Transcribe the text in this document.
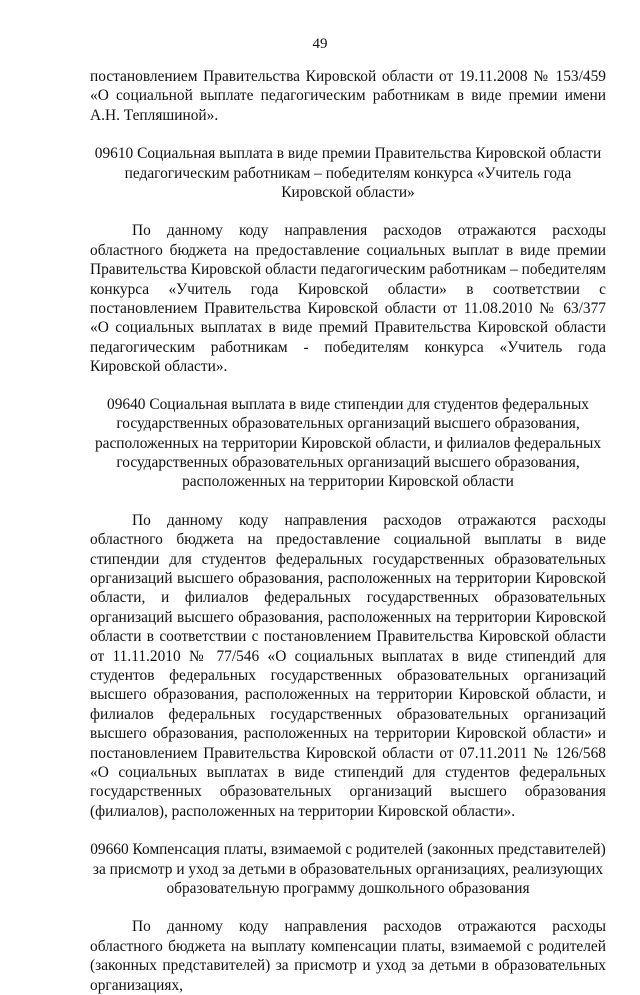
49

постановлением Правительства Кировской области от 19.11.2008 № 153/459 «О социальной выплате педагогическим работникам в виде премии имени А.Н. Тепляшиной».

09610 Социальная выплата в виде премии Правительства Кировской области педагогическим работникам – победителям конкурса «Учитель года Кировской области»

По данному коду направления расходов отражаются расходы областного бюджета на предоставление социальных выплат в виде премии Правительства Кировской области педагогическим работникам – победителям конкурса «Учитель года Кировской области» в соответствии с постановлением Правительства Кировской области от 11.08.2010 № 63/377 «О социальных выплатах в виде премий Правительства Кировской области педагогическим работникам - победителям конкурса «Учитель года Кировской области».

09640 Социальная выплата в виде стипендии для студентов федеральных государственных образовательных организаций высшего образования, расположенных на территории Кировской области, и филиалов федеральных государственных образовательных организаций высшего образования, расположенных на территории Кировской области

По данному коду направления расходов отражаются расходы областного бюджета на предоставление социальной выплаты в виде стипендии для студентов федеральных государственных образовательных организаций высшего образования, расположенных на территории Кировской области, и филиалов федеральных государственных образовательных организаций высшего образования, расположенных на территории Кировской области в соответствии с постановлением Правительства Кировской области от 11.11.2010 № 77/546 «О социальных выплатах в виде стипендий для студентов федеральных государственных образовательных организаций высшего образования, расположенных на территории Кировской области, и филиалов федеральных государственных образовательных организаций высшего образования, расположенных на территории Кировской области» и постановлением Правительства Кировской области от 07.11.2011 № 126/568 «О социальных выплатах в виде стипендий для студентов федеральных государственных образовательных организаций высшего образования (филиалов), расположенных на территории Кировской области».

09660 Компенсация платы, взимаемой с родителей (законных представителей) за присмотр и уход за детьми в образовательных организациях, реализующих образовательную программу дошкольного образования

По данному коду направления расходов отражаются расходы областного бюджета на выплату компенсации платы, взимаемой с родителей (законных представителей) за присмотр и уход за детьми в образовательных организациях,
